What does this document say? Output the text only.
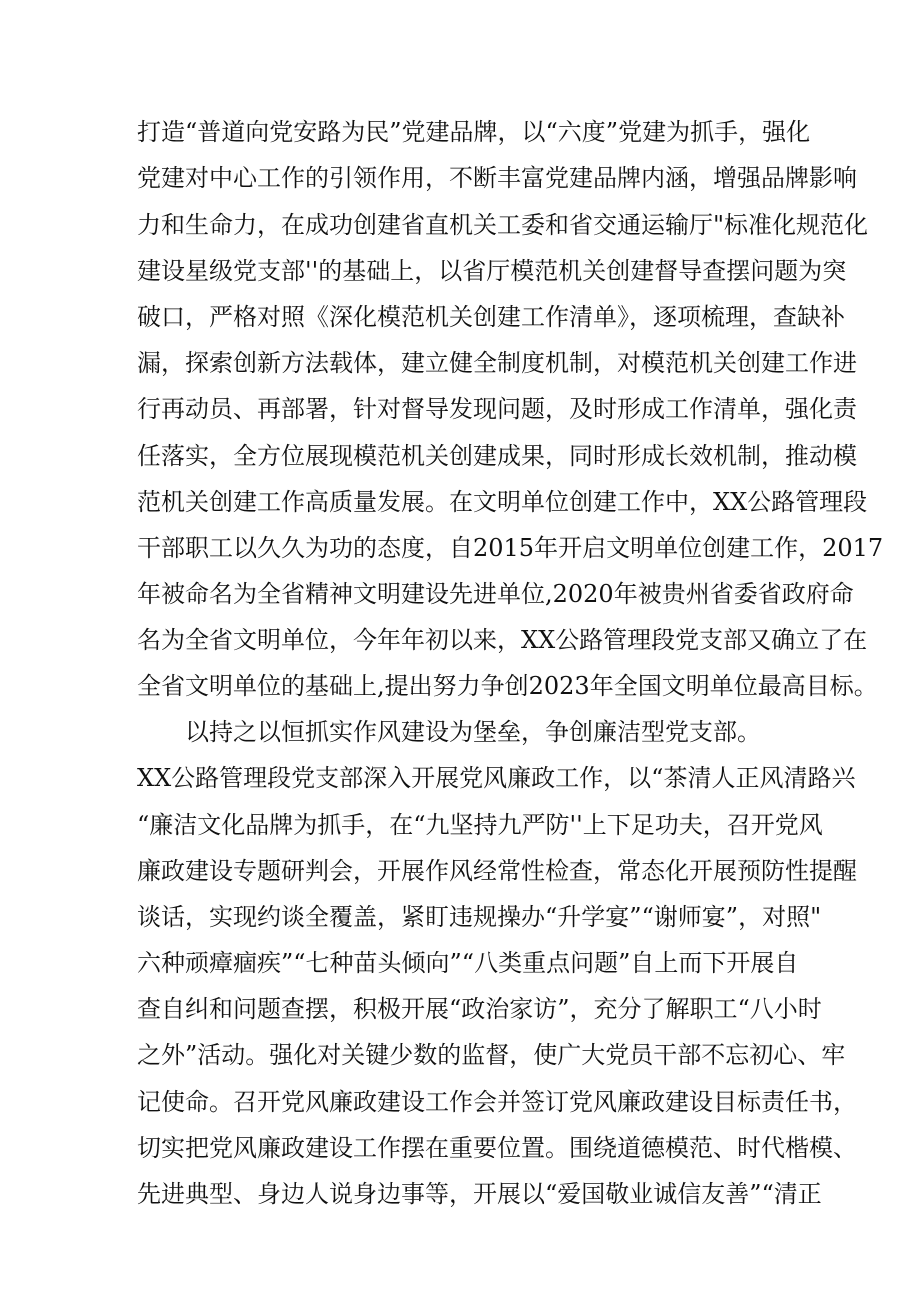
打造“普道向党安路为民”党建品牌，以“六度”党建为抓手，强化
党建对中心工作的引领作用，不断丰富党建品牌内涵，增强品牌影响
力和生命力，在成功创建省直机关工委和省交通运输厅"标准化规范化
建设星级党支部''的基础上，以省厅模范机关创建督导查摆问题为突
破口，严格对照《深化模范机关创建工作清单》，逐项梳理，查缺补
漏，探索创新方法载体，建立健全制度机制，对模范机关创建工作进
行再动员、再部署，针对督导发现问题，及时形成工作清单，强化责
任落实，全方位展现模范机关创建成果，同时形成长效机制，推动模
范机关创建工作高质量发展。在文明单位创建工作中，XX公路管理段
干部职工以久久为功的态度，自2015年开启文明单位创建工作，2017
年被命名为全省精神文明建设先进单位,2020年被贵州省委省政府命
名为全省文明单位，今年年初以来，XX公路管理段党支部又确立了在
全省文明单位的基础上,提出努力争创2023年全国文明单位最高目标。
以持之以恒抓实作风建设为堡垒，争创廉洁型党支部。
XX公路管理段党支部深入开展党风廉政工作，以“茶清人正风清路兴
“廉洁文化品牌为抓手，在“九坚持九严防''上下足功夫，召开党风
廉政建设专题研判会，开展作风经常性检查，常态化开展预防性提醒
谈话，实现约谈全覆盖，紧盯违规操办“升学宴”“谢师宴”，对照"
六种顽瘴痼疾”“七种苗头倾向”“八类重点问题”自上而下开展自
查自纠和问题查摆，积极开展“政治家访”，充分了解职工“八小时
之外”活动。强化对关键少数的监督，使广大党员干部不忘初心、牢
记使命。召开党风廉政建设工作会并签订党风廉政建设目标责任书，
切实把党风廉政建设工作摆在重要位置。围绕道德模范、时代楷模、
先进典型、身边人说身边事等，开展以“爱国敬业诚信友善”“清正
